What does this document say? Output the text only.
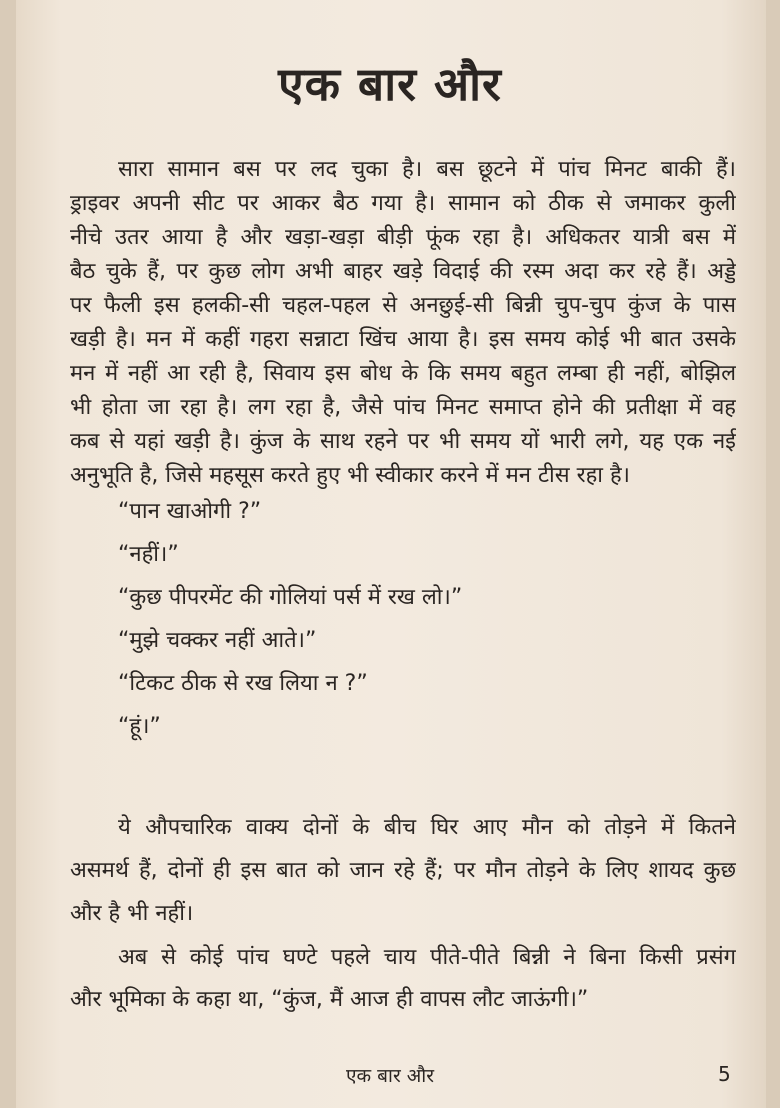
एक बार और
सारा सामान बस पर लद चुका है। बस छूटने में पांच मिनट बाकी हैं।
ड्राइवर अपनी सीट पर आकर बैठ गया है। सामान को ठीक से जमाकर कुली
नीचे उतर आया है और खड़ा-खड़ा बीड़ी फूंक रहा है। अधिकतर यात्री बस में
बैठ चुके हैं, पर कुछ लोग अभी बाहर खड़े विदाई की रस्म अदा कर रहे हैं। अड्डे
पर फैली इस हलकी-सी चहल-पहल से अनछुई-सी बिन्नी चुप-चुप कुंज के पास
खड़ी है। मन में कहीं गहरा सन्नाटा खिंच आया है। इस समय कोई भी बात उसके
मन में नहीं आ रही है, सिवाय इस बोध के कि समय बहुत लम्बा ही नहीं, बोझिल
भी होता जा रहा है। लग रहा है, जैसे पांच मिनट समाप्त होने की प्रतीक्षा में वह
कब से यहां खड़ी है। कुंज के साथ रहने पर भी समय यों भारी लगे, यह एक नई
अनुभूति है, जिसे महसूस करते हुए भी स्वीकार करने में मन टीस रहा है।
“पान खाओगी ?”
“नहीं।”
“कुछ पीपरमेंट की गोलियां पर्स में रख लो।”
“मुझे चक्कर नहीं आते।”
“टिकट ठीक से रख लिया न ?”
“हूं।”
ये औपचारिक वाक्य दोनों के बीच घिर आए मौन को तोड़ने में कितने
असमर्थ हैं, दोनों ही इस बात को जान रहे हैं; पर मौन तोड़ने के लिए शायद कुछ
और है भी नहीं।
अब से कोई पांच घण्टे पहले चाय पीते-पीते बिन्नी ने बिना किसी प्रसंग
और भूमिका के कहा था, “कुंज, मैं आज ही वापस लौट जाऊंगी।”
एक बार और	5
